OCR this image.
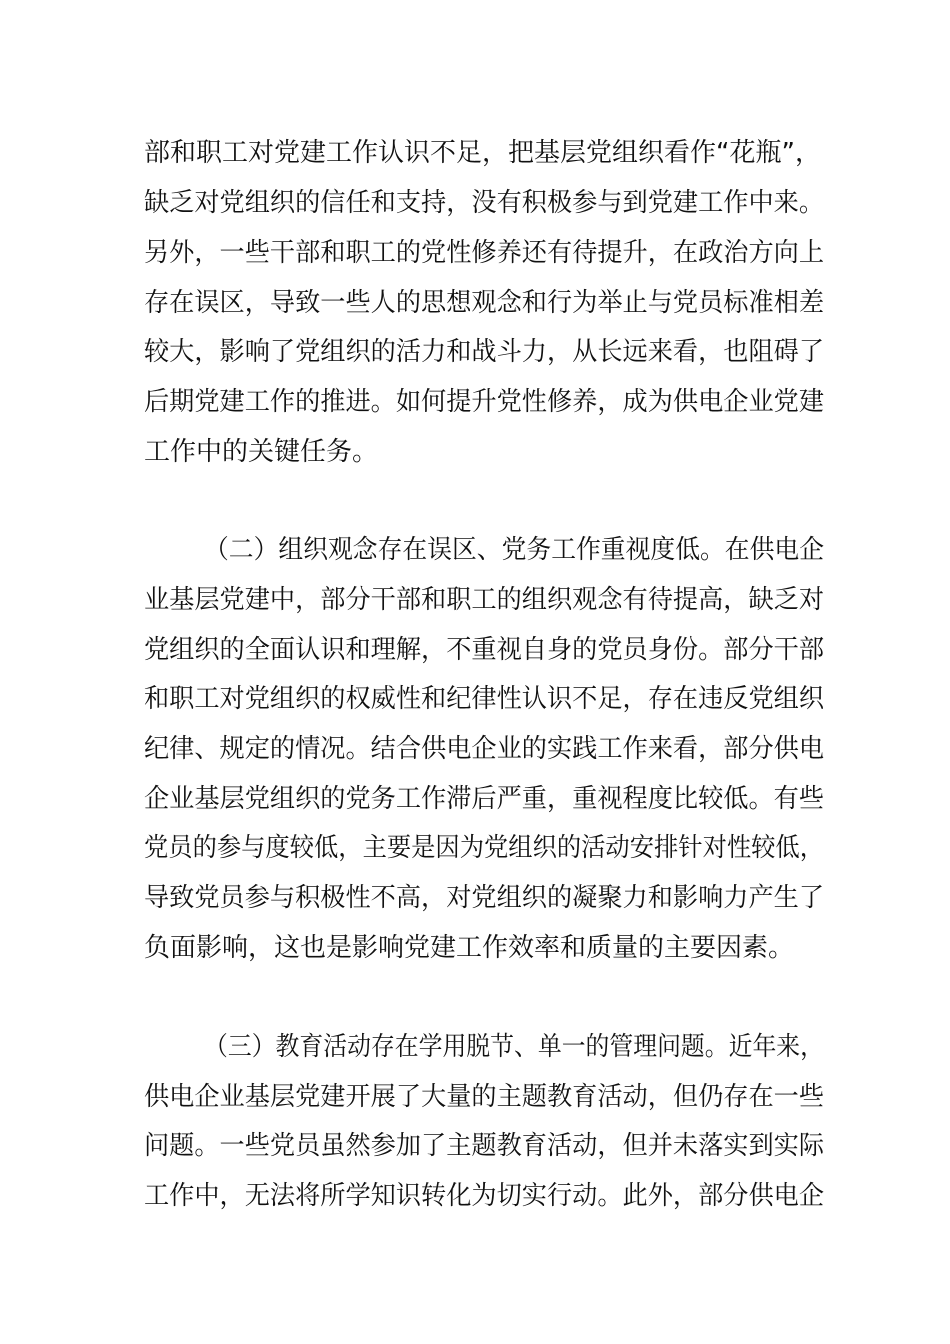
部和职工对党建工作认识不足，把基层党组织看作“花瓶”，
缺乏对党组织的信任和支持，没有积极参与到党建工作中来。
另外，一些干部和职工的党性修养还有待提升，在政治方向上
存在误区，导致一些人的思想观念和行为举止与党员标准相差
较大，影响了党组织的活力和战斗力，从长远来看，也阻碍了
后期党建工作的推进。如何提升党性修养，成为供电企业党建
工作中的关键任务。
（二）组织观念存在误区、党务工作重视度低。在供电企
业基层党建中，部分干部和职工的组织观念有待提高，缺乏对
党组织的全面认识和理解，不重视自身的党员身份。部分干部
和职工对党组织的权威性和纪律性认识不足，存在违反党组织
纪律、规定的情况。结合供电企业的实践工作来看，部分供电
企业基层党组织的党务工作滞后严重，重视程度比较低。有些
党员的参与度较低，主要是因为党组织的活动安排针对性较低，
导致党员参与积极性不高，对党组织的凝聚力和影响力产生了
负面影响，这也是影响党建工作效率和质量的主要因素。
（三）教育活动存在学用脱节、单一的管理问题。近年来，
供电企业基层党建开展了大量的主题教育活动，但仍存在一些
问题。一些党员虽然参加了主题教育活动，但并未落实到实际
工作中，无法将所学知识转化为切实行动。此外，部分供电企
